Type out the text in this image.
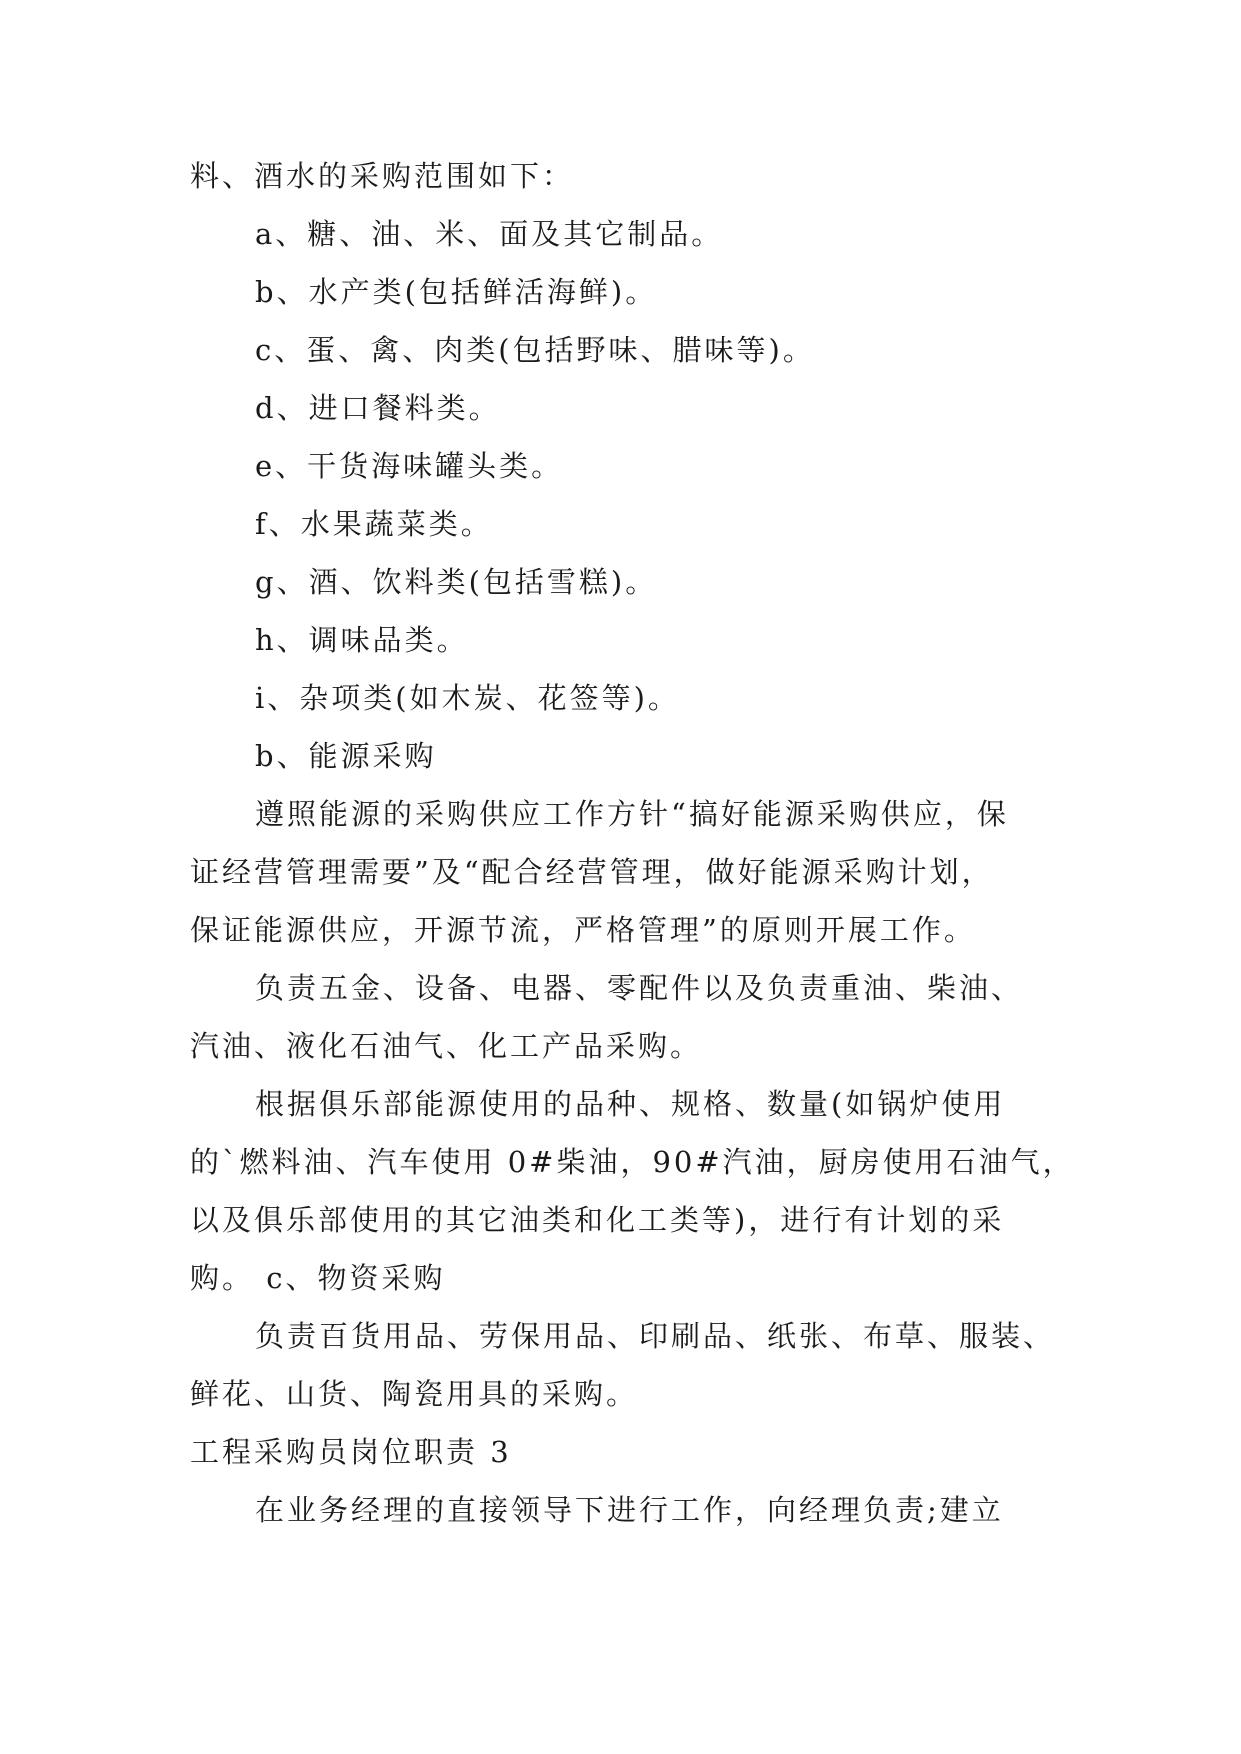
料、酒水的采购范围如下：
a、糖、油、米、面及其它制品。
b、水产类(包括鲜活海鲜)。
c、蛋、禽、肉类(包括野味、腊味等)。
d、进口餐料类。
e、干货海味罐头类。
f、水果蔬菜类。
g、酒、饮料类(包括雪糕)。
h、调味品类。
i、杂项类(如木炭、花签等)。
b、能源采购
遵照能源的采购供应工作方针“搞好能源采购供应，保
证经营管理需要”及“配合经营管理，做好能源采购计划，
保证能源供应，开源节流，严格管理”的原则开展工作。
负责五金、设备、电器、零配件以及负责重油、柴油、
汽油、液化石油气、化工产品采购。
根据俱乐部能源使用的品种、规格、数量(如锅炉使用
的`燃料油、汽车使用 0#柴油，90#汽油，厨房使用石油气，
以及俱乐部使用的其它油类和化工类等)，进行有计划的采
购。 c、物资采购
负责百货用品、劳保用品、印刷品、纸张、布草、服装、
鲜花、山货、陶瓷用具的采购。
工程采购员岗位职责 3
在业务经理的直接领导下进行工作，向经理负责;建立
